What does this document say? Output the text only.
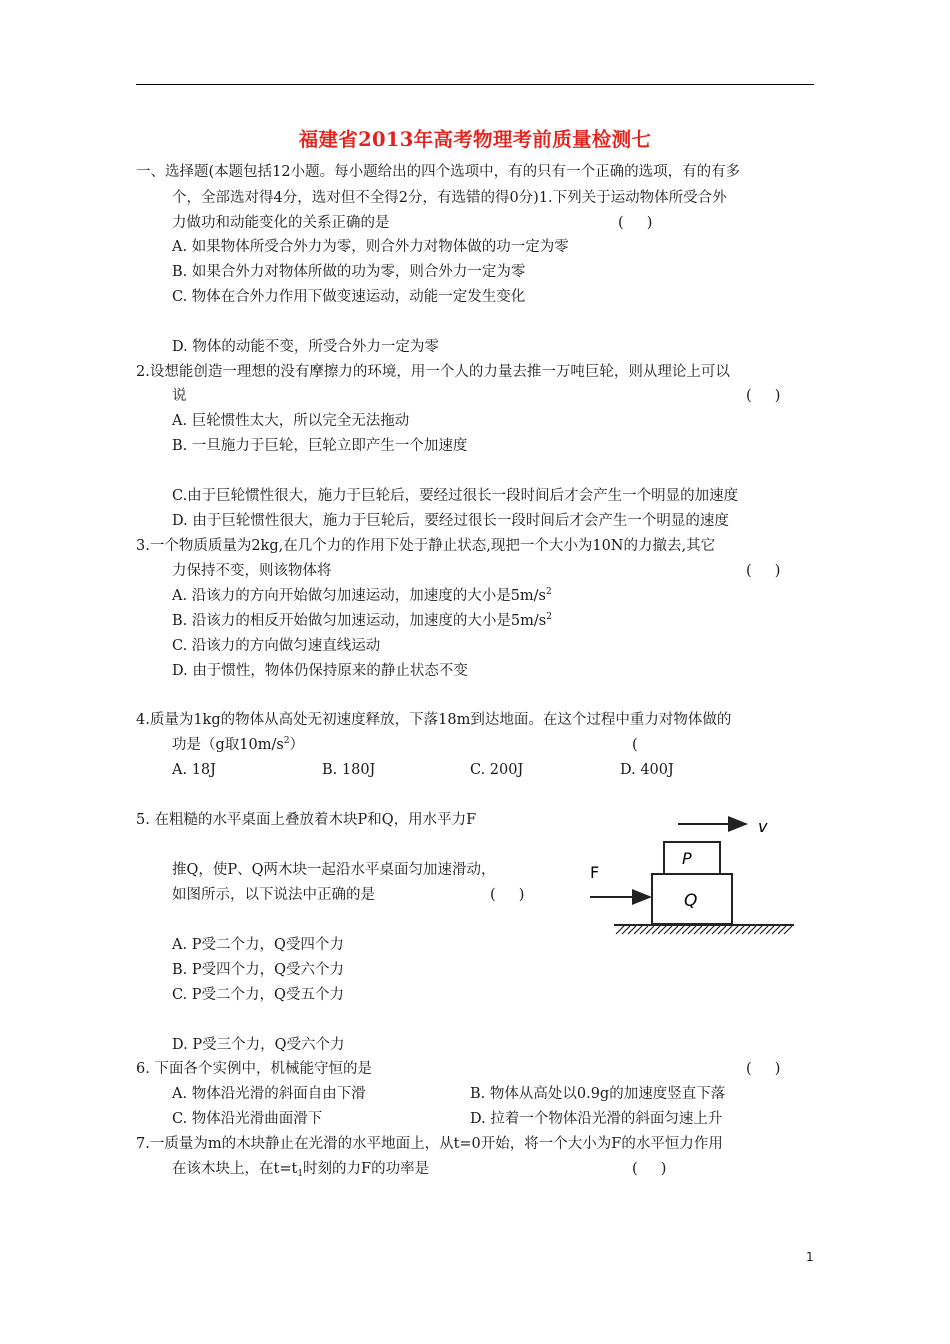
福建省2013年高考物理考前质量检测七
一、选择题(本题包括12小题。每小题给出的四个选项中，有的只有一个正确的选项，有的有多
个，全部选对得4分，选对但不全得2分，有选错的得0分)1.下列关于运动物体所受合外
力做功和动能变化的关系正确的是	(     )
A. 如果物体所受合外力为零，则合外力对物体做的功一定为零
B. 如果合外力对物体所做的功为零，则合外力一定为零
C. 物体在合外力作用下做变速运动，动能一定发生变化
D. 物体的动能不变，所受合外力一定为零
2.设想能创造一理想的没有摩擦力的环境，用一个人的力量去推一万吨巨轮，则从理论上可以
说	(     )
A. 巨轮惯性太大，所以完全无法拖动
B. 一旦施力于巨轮，巨轮立即产生一个加速度
C.由于巨轮惯性很大，施力于巨轮后，要经过很长一段时间后才会产生一个明显的加速度
D. 由于巨轮惯性很大，施力于巨轮后，要经过很长一段时间后才会产生一个明显的速度
3.一个物质质量为2kg,在几个力的作用下处于静止状态,现把一个大小为10N的力撤去,其它
力保持不变，则该物体将	(     )
A. 沿该力的方向开始做匀加速运动，加速度的大小是$5m/s^2$
B. 沿该力的相反开始做匀加速运动，加速度的大小是$5m/s^2$
C. 沿该力的方向做匀速直线运动
D. 由于惯性，物体仍保持原来的静止状态不变
4.质量为1kg的物体从高处无初速度释放，下落18m到达地面。在这个过程中重力对物体做的
功是（g取$10m/s^2$）	(
A. 18J	B. 180J	C. 200J	D. 400J
5. 在粗糙的水平桌面上叠放着木块P和Q，用水平力F
推Q，使P、Q两木块一起沿水平桌面匀加速滑动，
如图所示，以下说法中正确的是	(     )
A. P受二个力，Q受四个力
B. P受四个力，Q受六个力
C. P受二个力，Q受五个力
D. P受三个力，Q受六个力
v
P
Q
F
6. 下面各个实例中，机械能守恒的是	(     )
A. 物体沿光滑的斜面自由下滑	B. 物体从高处以0.9g的加速度竖直下落
C. 物体沿光滑曲面滑下	D. 拉着一个物体沿光滑的斜面匀速上升
7.一质量为m的木块静止在光滑的水平地面上，从t=0开始，将一个大小为F的水平恒力作用
在该木块上，在$t=t_1$时刻的力F的功率是	(     )
1
